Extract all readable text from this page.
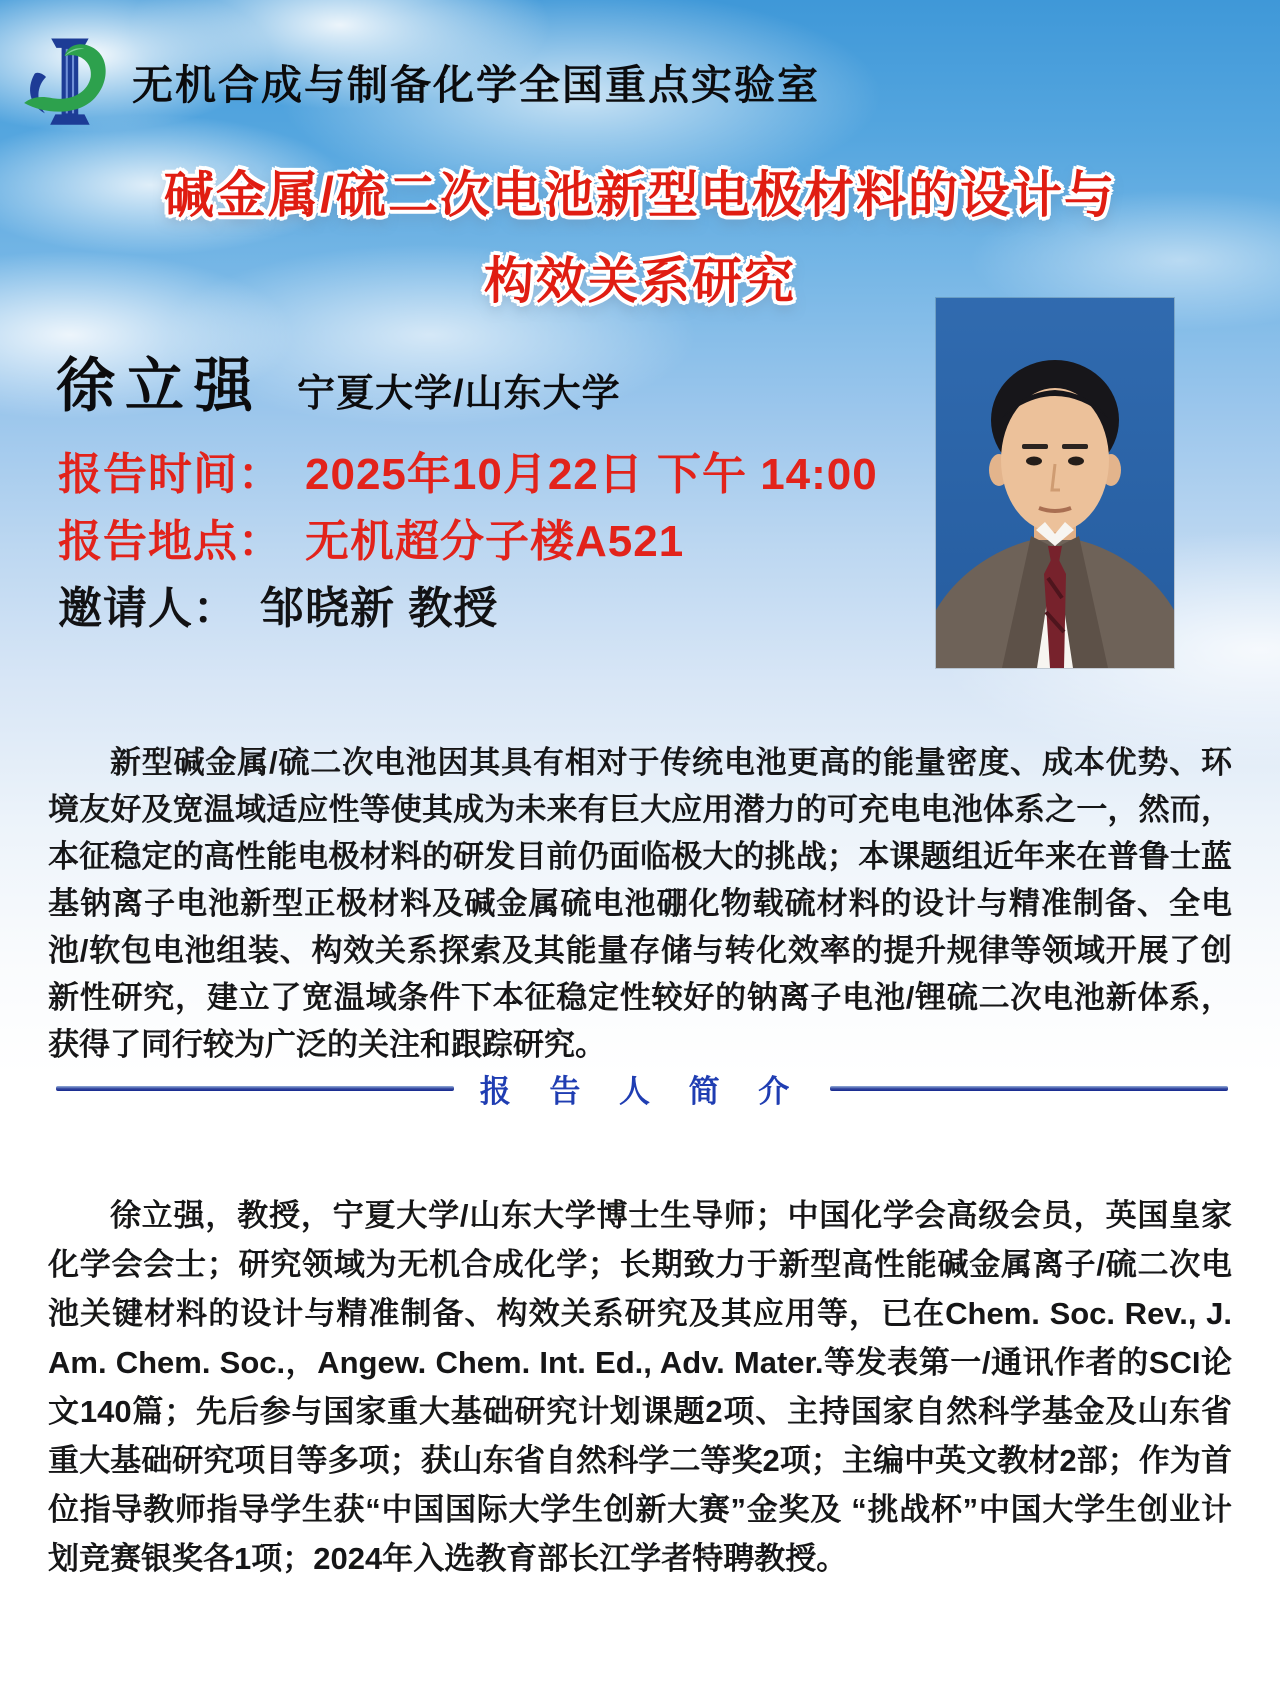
无机合成与制备化学全国重点实验室
碱金属/硫二次电池新型电极材料的设计与
构效关系研究
徐立强 宁夏大学/山东大学
报告时间： 2025年10月22日 下午 14:00
报告地点： 无机超分子楼A521
邀请人： 邹晓新 教授

新型碱金属/硫二次电池因其具有相对于传统电池更高的能量密度、成本优势、环境友好及宽温域适应性等使其成为未来有巨大应用潜力的可充电电池体系之一，然而，本征稳定的高性能电极材料的研发目前仍面临极大的挑战；本课题组近年来在普鲁士蓝基钠离子电池新型正极材料及碱金属硫电池硼化物载硫材料的设计与精准制备、全电池/软包电池组装、构效关系探索及其能量存储与转化效率的提升规律等领域开展了创新性研究，建立了宽温域条件下本征稳定性较好的钠离子电池/锂硫二次电池新体系，获得了同行较为广泛的关注和跟踪研究。

报 告 人 简 介

徐立强，教授，宁夏大学/山东大学博士生导师；中国化学会高级会员，英国皇家化学会会士；研究领域为无机合成化学；长期致力于新型高性能碱金属离子/硫二次电池关键材料的设计与精准制备、构效关系研究及其应用等，已在Chem. Soc. Rev., J. Am. Chem. Soc.，Angew. Chem. Int. Ed., Adv. Mater.等发表第一/通讯作者的SCI论文140篇；先后参与国家重大基础研究计划课题2项、主持国家自然科学基金及山东省重大基础研究项目等多项；获山东省自然科学二等奖2项；主编中英文教材2部；作为首位指导教师指导学生获“中国国际大学生创新大赛”金奖及 “挑战杯”中国大学生创业计划竞赛银奖各1项；2024年入选教育部长江学者特聘教授。
